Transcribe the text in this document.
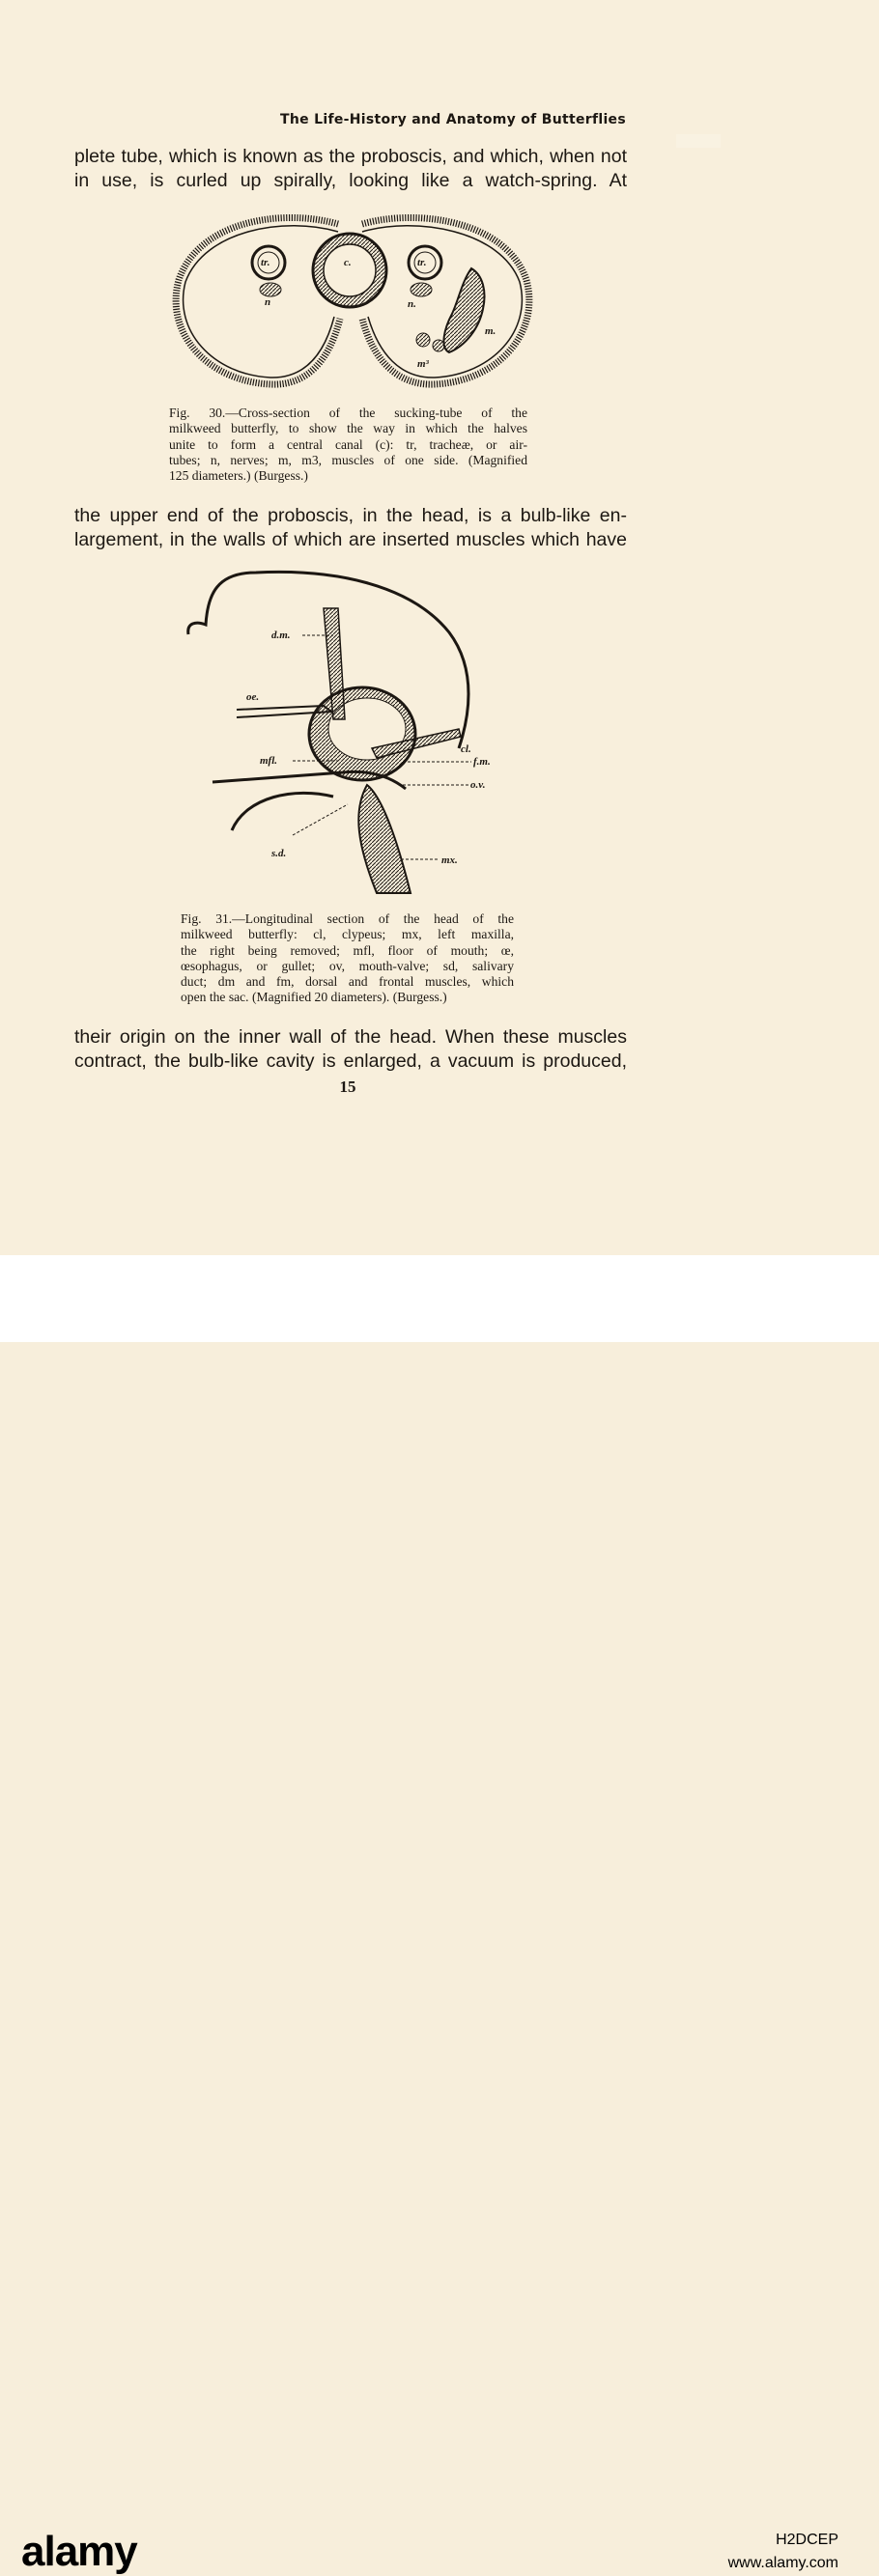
▬
The Life-History and Anatomy of Butterflies
plete tube, which is known as the proboscis, and which, when not
in use, is curled up spirally, looking like a watch-spring. At
tr.	c.	tr.
n	n.
m.
m³
Fig. 30.—Cross-section of the sucking-tube of the
milkweed butterfly, to show the way in which the halves
unite to form a central canal (c): tr, tracheæ, or air-
tubes; n, nerves; m, m3, muscles of one side. (Magnified
125 diameters.) (Burgess.)
the upper end of the proboscis, in the head, is a bulb-like en-
largement, in the walls of which are inserted muscles which have
d.m.
oe.
mfl.
cl.
f.m.
o.v.
s.d.
mx.
Fig. 31.—Longitudinal section of the head of the
milkweed butterfly: cl, clypeus; mx, left maxilla,
the right being removed; mfl, floor of mouth; œ,
œsophagus, or gullet; ov, mouth-valve; sd, salivary
duct; dm and fm, dorsal and frontal muscles, which
open the sac. (Magnified 20 diameters). (Burgess.)
their origin on the inner wall of the head. When these muscles
contract, the bulb-like cavity is enlarged, a vacuum is produced,
15
alamy	H2DCEP
www.alamy.com
